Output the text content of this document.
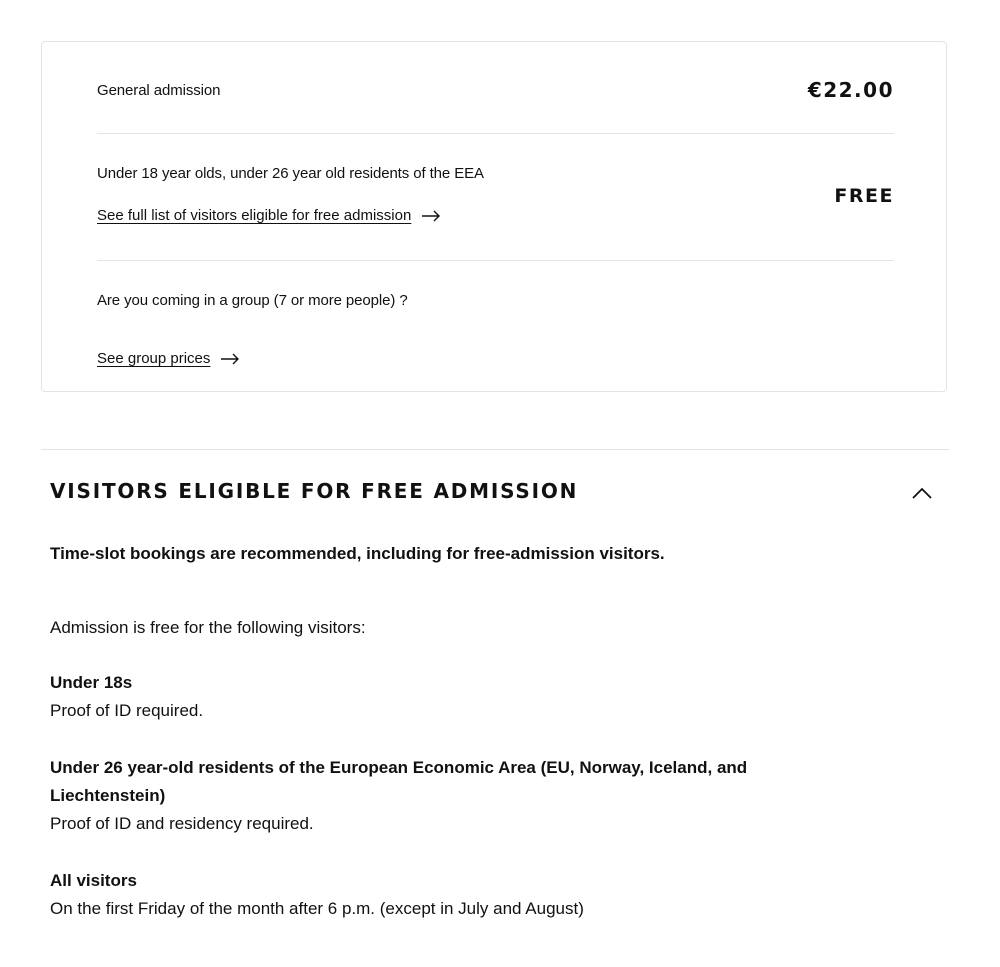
General admission	€22.00
Under 18 year olds, under 26 year old residents of the EEA
See full list of visitors eligible for free admission
FREE
Are you coming in a group (7 or more people) ?
See group prices
VISITORS ELIGIBLE FOR FREE ADMISSION
Time-slot bookings are recommended, including for free-admission visitors.
Admission is free for the following visitors:
Under 18s
Proof of ID required.
Under 26 year-old residents of the European Economic Area (EU, Norway, Iceland, and Liechtenstein)
Proof of ID and residency required.
All visitors
On the first Friday of the month after 6 p.m. (except in July and August)
